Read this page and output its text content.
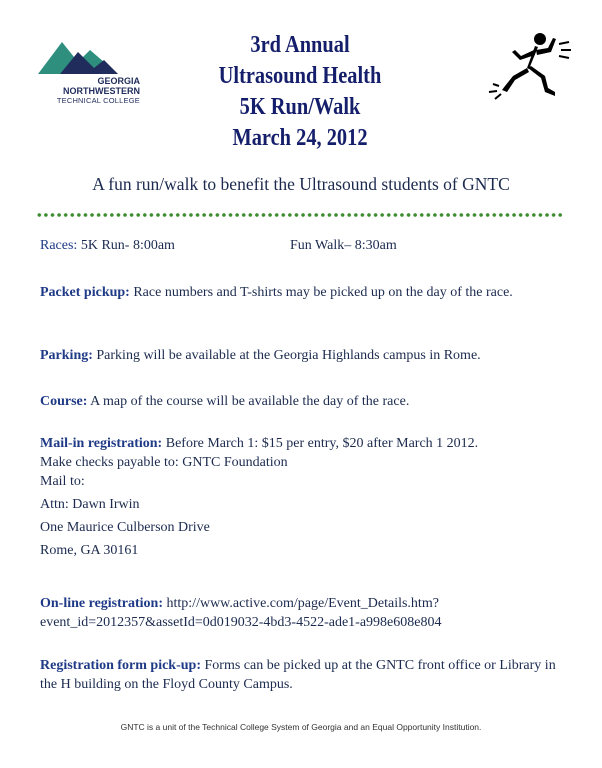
GEORGIA
NORTHWESTERN
TECHNICAL COLLEGE
3rd Annual
Ultrasound Health
5K Run/Walk
March 24, 2012
A fun run/walk to benefit the Ultrasound students of GNTC
Races: 5K Run- 8:00am	Fun Walk– 8:30am
Packet pickup: Race numbers and T-shirts may be picked up on the day of the race.
Parking: Parking will be available at the Georgia Highlands campus in Rome.
Course: A map of the course will be available the day of the race.
Mail-in registration: Before March 1: $15 per entry, $20 after March 1 2012.
Make checks payable to: GNTC Foundation
Mail to:
Attn: Dawn Irwin
One Maurice Culberson Drive
Rome, GA 30161
On-line registration: http://www.active.com/page/Event_Details.htm?
event_id=2012357&assetId=0d019032-4bd3-4522-ade1-a998e608e804
Registration form pick-up: Forms can be picked up at the GNTC front office or Library in the H building on the Floyd County Campus.
GNTC is a unit of the Technical College System of Georgia and an Equal Opportunity Institution.
